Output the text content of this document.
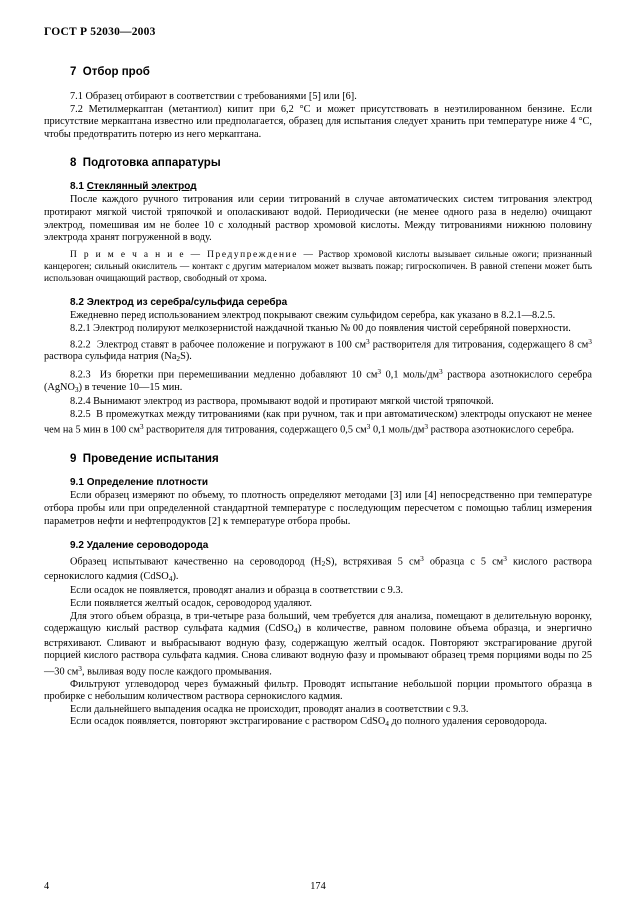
ГОСТ Р 52030—2003
7 Отбор проб

7.1 Образец отбирают в соответствии с требованиями [5] или [6].

7.2 Метилмеркаптан (метантиол) кипит при 6,2 °С и может присутствовать в неэтилированном бензине. Если присутствие меркаптана известно или предполагается, образец для испытания следует хранить при температуре ниже 4 °С, чтобы предотвратить потерю из него меркаптана.

8 Подготовка аппаратуры
8.1 Стеклянный электрод

После каждого ручного титрования или серии титрований в случае автоматических систем титрования электрод протирают мягкой чистой тряпочкой и ополаскивают водой. Периодически (не менее одного раза в неделю) очищают электрод, помешивая им не более 10 с холодный раствор хромовой кислоты. Между титрованиями нижнюю половину электрода хранят погруженной в воду.

П р и м е ч а н и е — Предупреждение — Раствор хромовой кислоты вызывает сильные ожоги; признанный канцероген; сильный окислитель — контакт с другим материалом может вызвать пожар; гигроскопичен. В равной степени может быть использован очищающий раствор, свободный от хрома.

8.2 Электрод из серебра/сульфида серебра

Ежедневно перед использованием электрод покрывают свежим сульфидом серебра, как указано в 8.2.1—8.2.5.

8.2.1 Электрод полируют мелкозернистой наждачной тканью № 00 до появления чистой серебряной поверхности.

8.2.2  Электрод ставят в рабочее положение и погружают в 100 $см^3$ растворителя для титрования, содержащего 8 $см^3$ раствора сульфида натрия $(Na_2S)$.

8.2.3  Из бюретки при перемешивании медленно добавляют 10 $см^3$ 0,1 моль/$дм^3$ раствора азотнокислого серебра (AgNO$_3$) в течение 10—15 мин.

8.2.4 Вынимают электрод из раствора, промывают водой и протирают мягкой чистой тряпочкой.

8.2.5  В промежутках между титрованиями (как при ручном, так и при автоматическом) электроды опускают не менее чем на 5 мин в 100 $см^3$ растворителя для титрования, содержащего 0,5 $см^3$ 0,1 моль/$дм^3$ раствора азотнокислого серебра.

9 Проведение испытания
9.1 Определение плотности

Если образец измеряют по объему, то плотность определяют методами [3] или [4] непосредственно при температуре отбора пробы или при определенной стандартной температуре с последующим пересчетом с помощью таблиц измерения параметров нефти и нефтепродуктов [2] к температуре отбора пробы.

9.2 Удаление сероводорода

Образец испытывают качественно на сероводород $(H_2S)$, встряхивая 5 $см^3$ образца с 5 $см^3$ кислого раствора сернокислого кадмия (CdSO$_4$).

Если осадок не появляется, проводят анализ и образца в соответствии с 9.3.

Если появляется желтый осадок, сероводород удаляют.

Для этого объем образца, в три-четыре раза больший, чем требуется для анализа, помещают в делительную воронку, содержащую кислый раствор сульфата кадмия (CdSO$_4$) в количестве, равном половине объема образца, и энергично встряхивают. Сливают и выбрасывают водную фазу, содержащую желтый осадок. Повторяют экстрагирование другой порцией кислого раствора сульфата кадмия. Снова сливают водную фазу и промывают образец тремя порциями воды по 25—30 $см^3$, выливая воду после каждого промывания.

Фильтруют углеводород через бумажный фильтр. Проводят испытание небольшой порции промытого образца в пробирке с небольшим количеством раствора сернокислого кадмия.

Если дальнейшего выпадения осадка не происходит, проводят анализ в соответствии с 9.3.

Если осадок появляется, повторяют экстрагирование с раствором CdSO$_4$ до полного удаления сероводорода.

4	174
